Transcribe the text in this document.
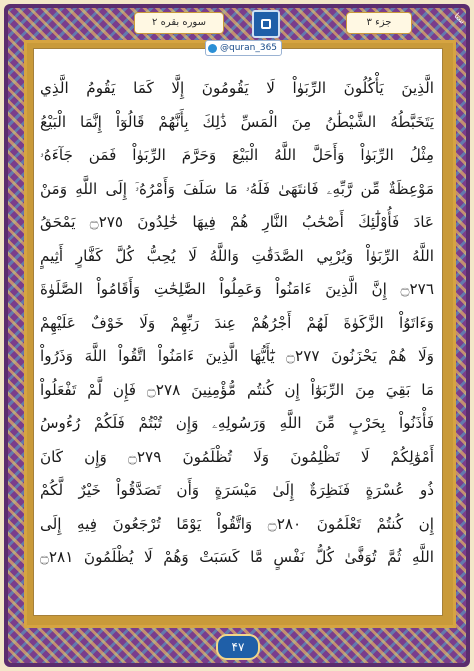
جزء ۳
سوره بقره ۲
@quran_365
ستا
الَّذِينَ يَأْكُلُونَ الرِّبَوٰاْ لَا يَقُومُونَ إِلَّا كَمَا يَقُومُ الَّذِي
يَتَخَبَّطُهُ الشَّيْطَٰنُ مِنَ الْمَسِّ ذَٰلِكَ بِأَنَّهُمْ قَالُوٓاْ إِنَّمَا الْبَيْعُ
مِثْلُ الرِّبَوٰاْ وَأَحَلَّ اللَّهُ الْبَيْعَ وَحَرَّمَ الرِّبَوٰاْ فَمَن جَآءَهُۥ
مَوْعِظَةٌ مِّن رَّبِّهِۦ فَانتَهَىٰ فَلَهُۥ مَا سَلَفَ وَأَمْرُهُۥٓ إِلَى اللَّهِ وَمَنْ
عَادَ فَأُوْلَٰٓئِكَ أَصْحَٰبُ النَّارِ هُمْ فِيهَا خَٰلِدُونَ ۝٢٧٥ يَمْحَقُ
اللَّهُ الرِّبَوٰاْ وَيُرْبِي الصَّدَقَٰتِ وَاللَّهُ لَا يُحِبُّ كُلَّ كَفَّارٍ أَثِيمٍ
۝٢٧٦ إِنَّ الَّذِينَ ءَامَنُواْ وَعَمِلُواْ الصَّٰلِحَٰتِ وَأَقَامُواْ الصَّلَوٰةَ
وَءَاتَوُاْ الزَّكَوٰةَ لَهُمْ أَجْرُهُمْ عِندَ رَبِّهِمْ وَلَا خَوْفٌ عَلَيْهِمْ
وَلَا هُمْ يَحْزَنُونَ ۝٢٧٧ يَٰٓأَيُّهَا الَّذِينَ ءَامَنُواْ اتَّقُواْ اللَّهَ وَذَرُواْ
مَا بَقِيَ مِنَ الرِّبَوٰٓاْ إِن كُنتُم مُّؤْمِنِينَ ۝٢٧٨ فَإِن لَّمْ تَفْعَلُواْ
فَأْذَنُواْ بِحَرْبٍ مِّنَ اللَّهِ وَرَسُولِهِۦ وَإِن تُبْتُمْ فَلَكُمْ رُءُوسُ
أَمْوَٰلِكُمْ لَا تَظْلِمُونَ وَلَا تُظْلَمُونَ ۝٢٧٩ وَإِن كَانَ
ذُو عُسْرَةٍ فَنَظِرَةٌ إِلَىٰ مَيْسَرَةٍ وَأَن تَصَدَّقُواْ خَيْرٌ لَّكُمْ
إِن كُنتُمْ تَعْلَمُونَ ۝٢٨٠ وَاتَّقُواْ يَوْمًا تُرْجَعُونَ فِيهِ إِلَى
اللَّهِ ثُمَّ تُوَفَّىٰ كُلُّ نَفْسٍ مَّا كَسَبَتْ وَهُمْ لَا يُظْلَمُونَ ۝٢٨١
۴۷
